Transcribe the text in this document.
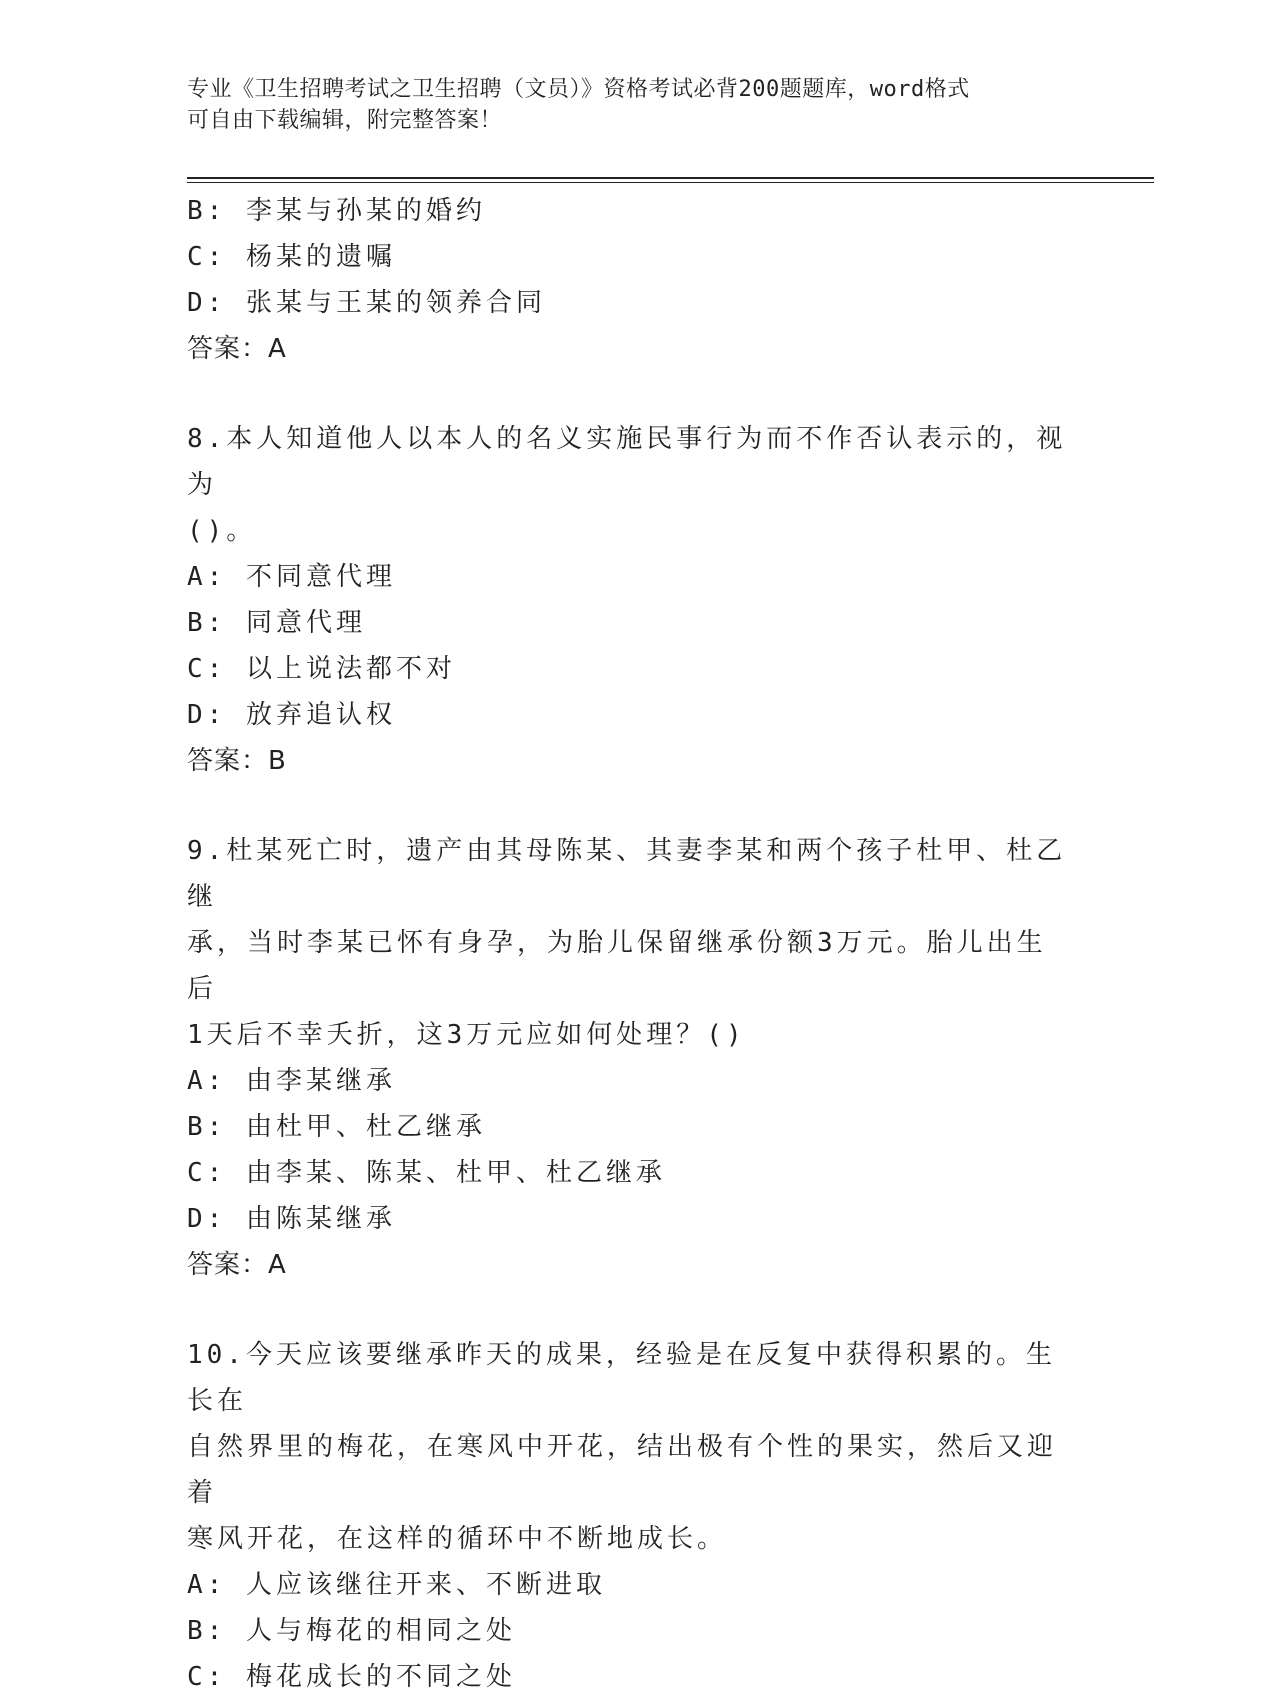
专业《卫生招聘考试之卫生招聘（文员）》资格考试必背200题题库，word格式
可自由下载编辑，附完整答案！
B: 李某与孙某的婚约
C: 杨某的遗嘱
D: 张某与王某的领养合同
答案：A
8.本人知道他人以本人的名义实施民事行为而不作否认表示的，视为
()。
A: 不同意代理
B: 同意代理
C: 以上说法都不对
D: 放弃追认权
答案：B
9.杜某死亡时，遗产由其母陈某、其妻李某和两个孩子杜甲、杜乙继
承，当时李某已怀有身孕，为胎儿保留继承份额3万元。胎儿出生后
1天后不幸夭折，这3万元应如何处理？()
A: 由李某继承
B: 由杜甲、杜乙继承
C: 由李某、陈某、杜甲、杜乙继承
D: 由陈某继承
答案：A
10.今天应该要继承昨天的成果，经验是在反复中获得积累的。生长在
自然界里的梅花，在寒风中开花，结出极有个性的果实，然后又迎着
寒风开花，在这样的循环中不断地成长。
A: 人应该继往开来、不断进取
B: 人与梅花的相同之处
C: 梅花成长的不同之处
